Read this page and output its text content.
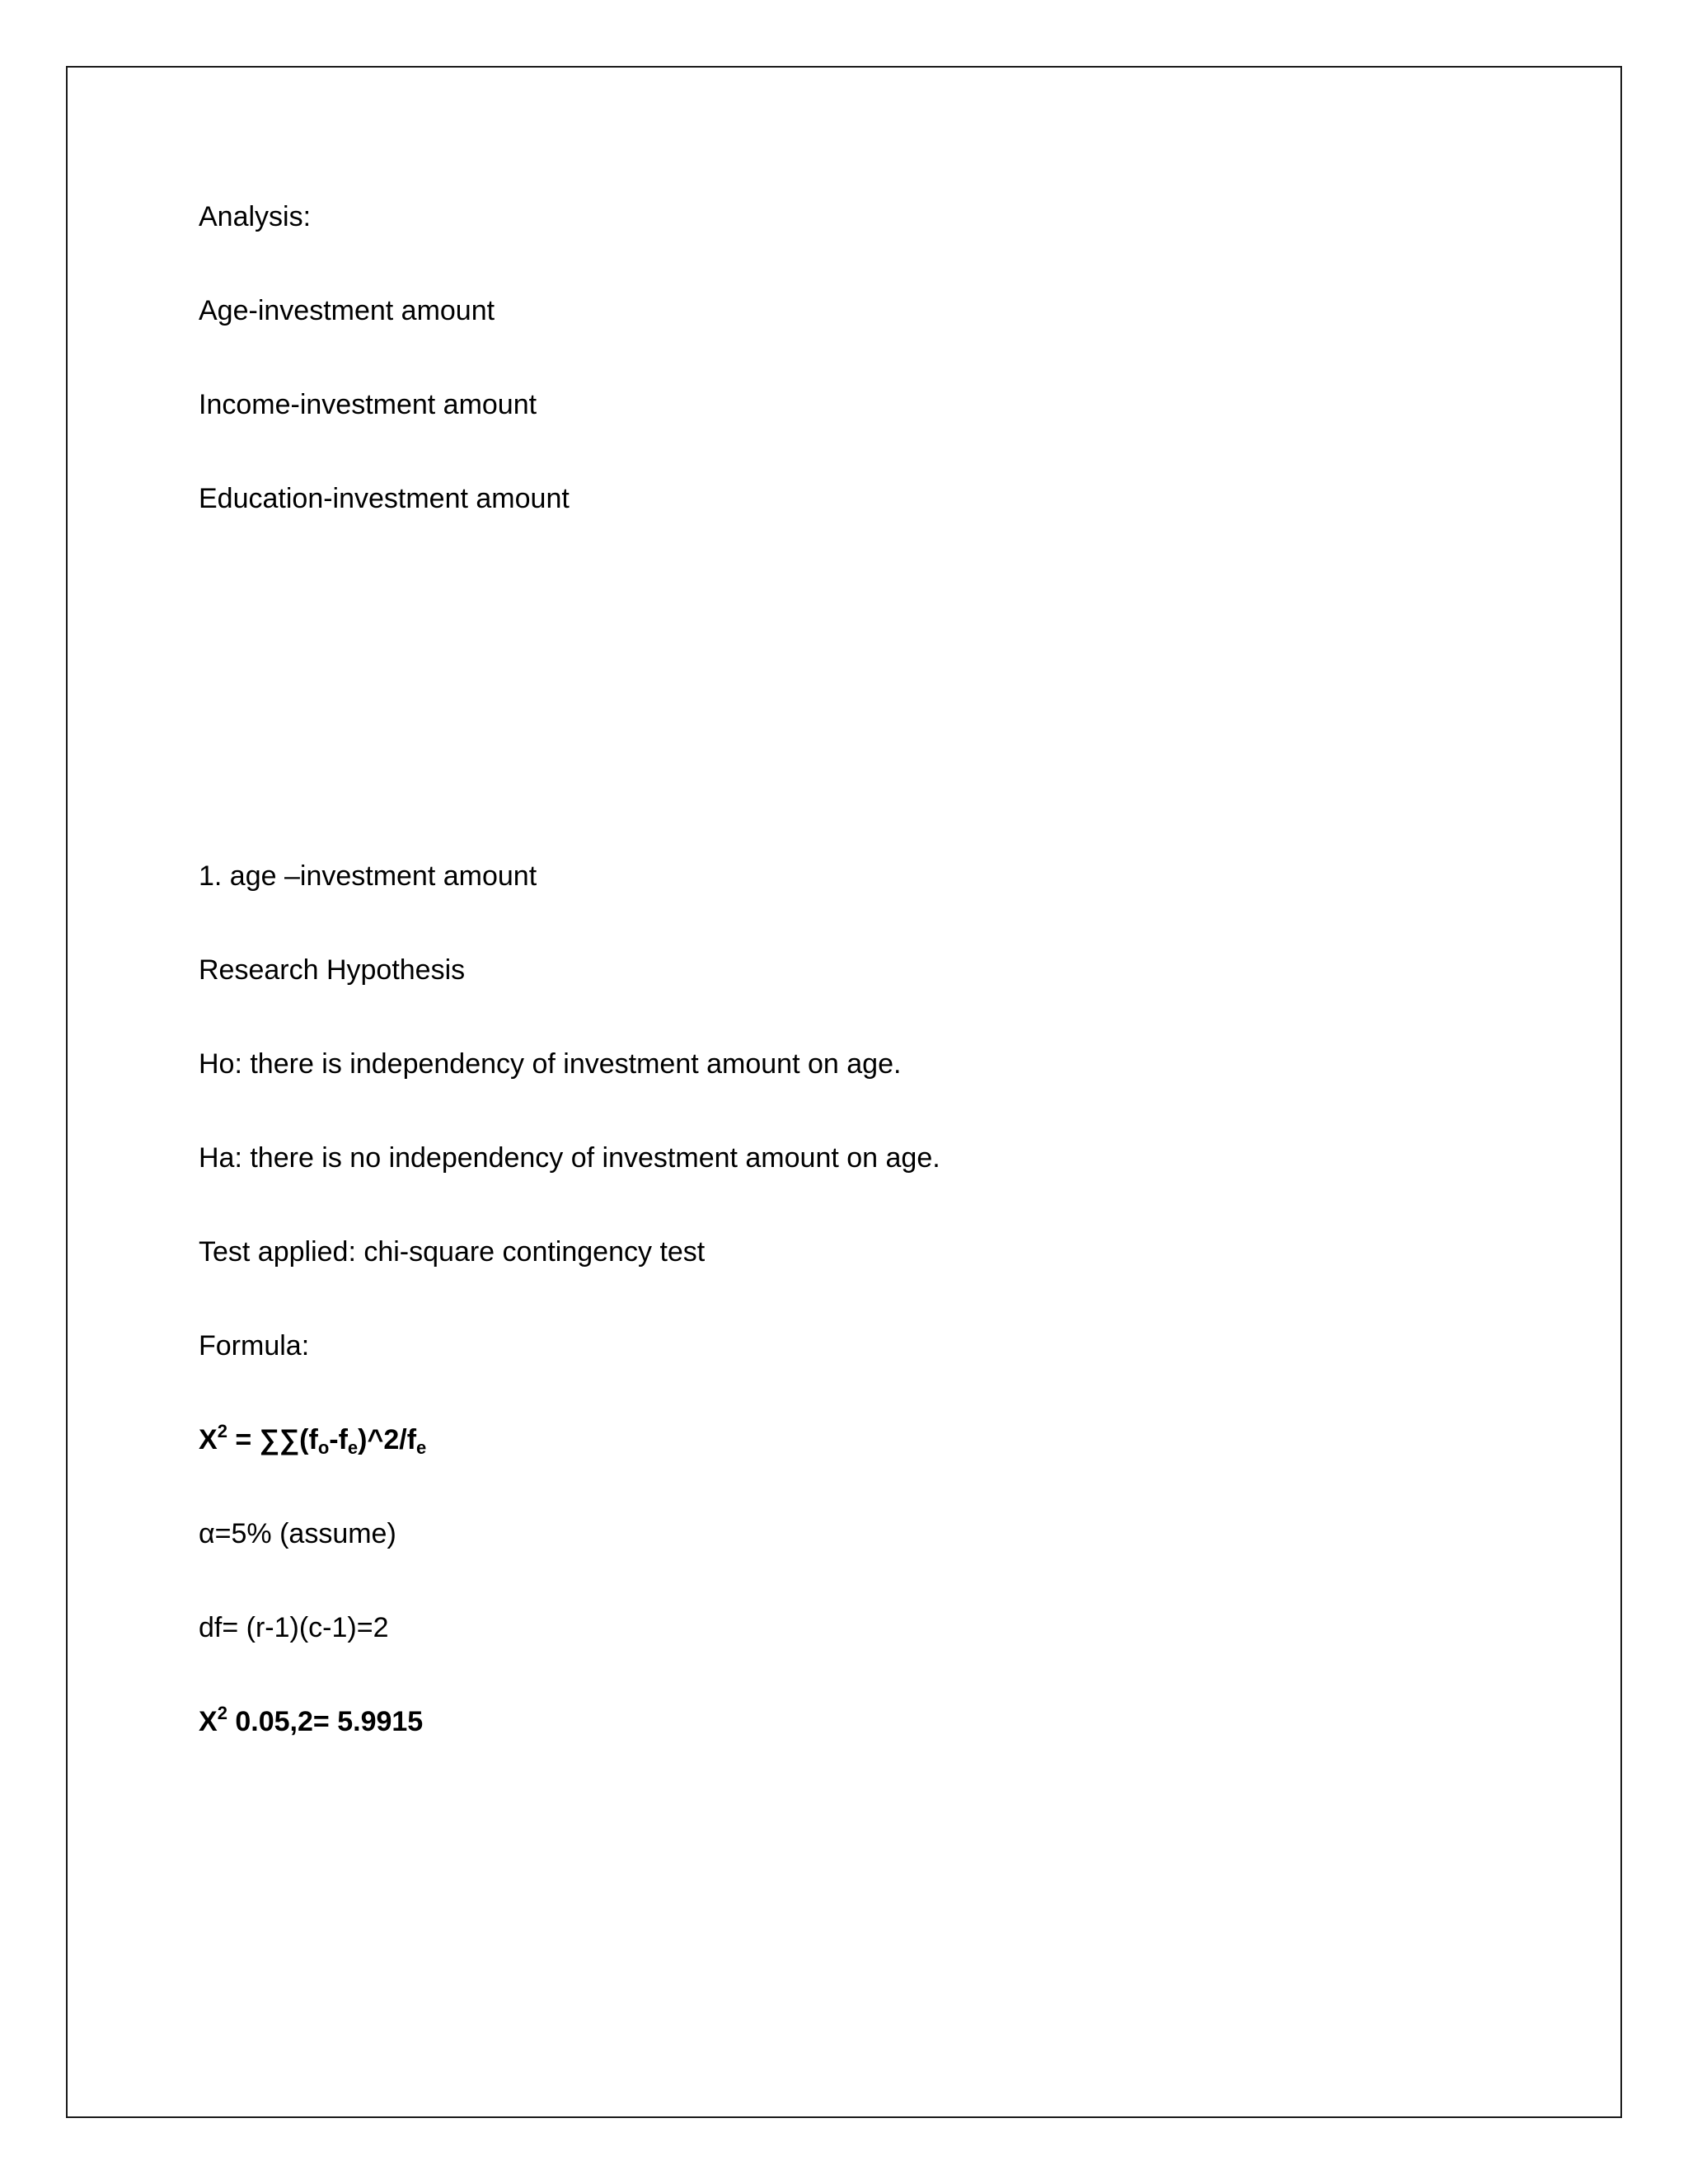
Analysis:
Age-investment amount
Income-investment amount
Education-investment amount
1. age –investment amount
Research Hypothesis
Ho: there is independency of investment amount on age.
Ha: there is no independency of investment amount on age.
Test applied: chi-square contingency test
Formula:
$X^2$ = $\sum\sum(f_o-f_e)\^{}2/f_e$
α=5% (assume)
df= (r-1)(c-1)=2
$X^2$ 0.05,2= 5.9915
